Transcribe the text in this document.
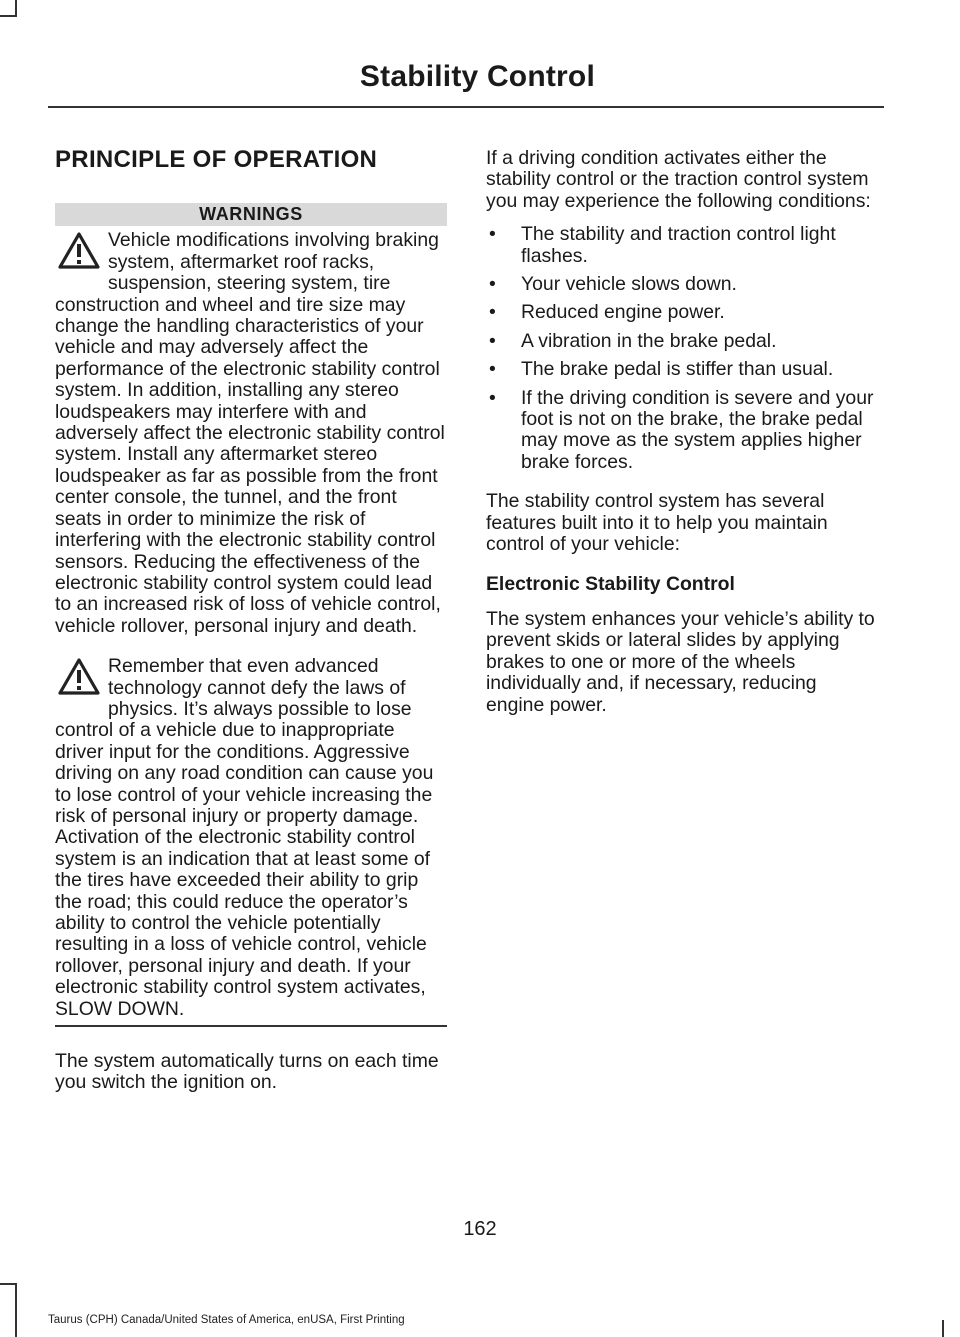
Stability Control
PRINCIPLE OF OPERATION
WARNINGS

Vehicle modifications involving braking system, aftermarket roof racks, suspension, steering system, tire construction and wheel and tire size may change the handling characteristics of your vehicle and may adversely affect the performance of the electronic stability control system. In addition, installing any stereo loudspeakers may interfere with and adversely affect the electronic stability control system. Install any aftermarket stereo loudspeaker as far as possible from the front center console, the tunnel, and the front seats in order to minimize the risk of interfering with the electronic stability control sensors. Reducing the effectiveness of the electronic stability control system could lead to an increased risk of loss of vehicle control, vehicle rollover, personal injury and death.

Remember that even advanced technology cannot defy the laws of physics. It’s always possible to lose control of a vehicle due to inappropriate driver input for the conditions. Aggressive driving on any road condition can cause you to lose control of your vehicle increasing the risk of personal injury or property damage. Activation of the electronic stability control system is an indication that at least some of the tires have exceeded their ability to grip the road; this could reduce the operator’s ability to control the vehicle potentially resulting in a loss of vehicle control, vehicle rollover, personal injury and death. If your electronic stability control system activates, SLOW DOWN.

The system automatically turns on each time you switch the ignition on.

If a driving condition activates either the stability control or the traction control system you may experience the following conditions:

• The stability and traction control light flashes.
• Your vehicle slows down.
• Reduced engine power.
• A vibration in the brake pedal.
• The brake pedal is stiffer than usual.
• If the driving condition is severe and your foot is not on the brake, the brake pedal may move as the system applies higher brake forces.

The stability control system has several features built into it to help you maintain control of your vehicle:

Electronic Stability Control

The system enhances your vehicle’s ability to prevent skids or lateral slides by applying brakes to one or more of the wheels individually and, if necessary, reducing engine power.

162
Taurus (CPH) Canada/United States of America, enUSA, First Printing
